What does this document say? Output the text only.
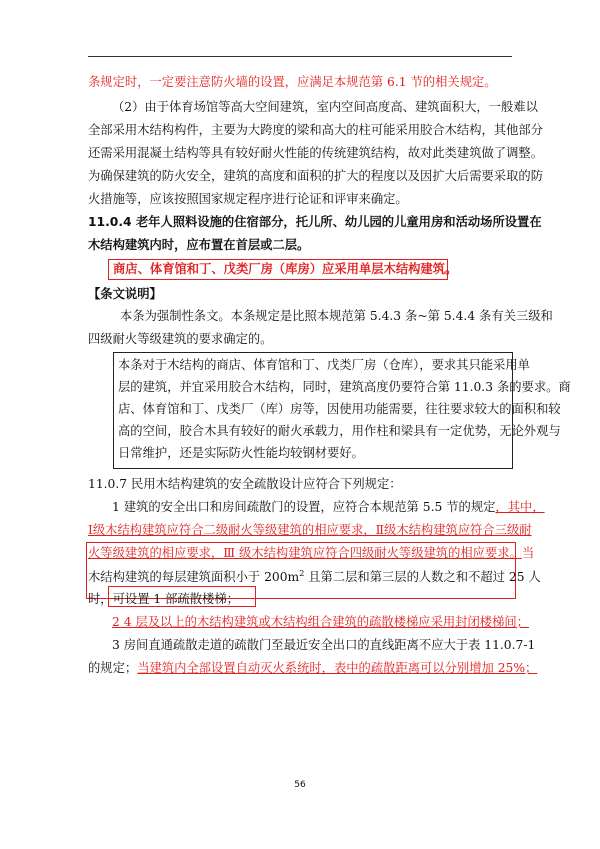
条规定时，一定要注意防火墙的设置，应满足本规范第 6.1 节的相关规定。
（2）由于体育场馆等高大空间建筑，室内空间高度高、建筑面积大，一般难以
全部采用木结构构件，主要为大跨度的梁和高大的柱可能采用胶合木结构，其他部分
还需采用混凝土结构等具有较好耐火性能的传统建筑结构，故对此类建筑做了调整。
为确保建筑的防火安全，建筑的高度和面积的扩大的程度以及因扩大后需要采取的防
火措施等，应该按照国家规定程序进行论证和评审来确定。
11.0.4 老年人照料设施的住宿部分，托儿所、幼儿园的儿童用房和活动场所设置在
木结构建筑内时，应布置在首层或二层。
商店、体育馆和丁、戊类厂房（库房）应采用单层木结构建筑。
【条文说明】
本条为强制性条文。本条规定是比照本规范第 5.4.3 条~第 5.4.4 条有关三级和
四级耐火等级建筑的要求确定的。
本条对于木结构的商店、体育馆和丁、戊类厂房（仓库），要求其只能采用单
层的建筑，并宜采用胶合木结构，同时，建筑高度仍要符合第 11.0.3 条的要求。商
店、体育馆和丁、戊类厂（库）房等，因使用功能需要，往往要求较大的面积和较
高的空间，胶合木具有较好的耐火承载力，用作柱和梁具有一定优势，无论外观与
日常维护，还是实际防火性能均较钢材要好。
11.0.7 民用木结构建筑的安全疏散设计应符合下列规定：
1 建筑的安全出口和房间疏散门的设置，应符合本规范第 5.5 节的规定，其中，
Ⅰ级木结构建筑应符合二级耐火等级建筑的相应要求，Ⅱ级木结构建筑应符合三级耐
火等级建筑的相应要求，Ⅲ 级木结构建筑应符合四级耐火等级建筑的相应要求。当
木结构建筑的每层建筑面积小于 $200m^2$ 且第二层和第三层的人数之和不超过 25 人
时，可设置 1 部疏散楼梯；
2 4 层及以上的木结构建筑或木结构组合建筑的疏散楼梯应采用封闭楼梯间；
3 房间直通疏散走道的疏散门至最近安全出口的直线距离不应大于表 11.0.7-1
的规定；当建筑内全部设置自动灭火系统时，表中的疏散距离可以分别增加 25%；
56
